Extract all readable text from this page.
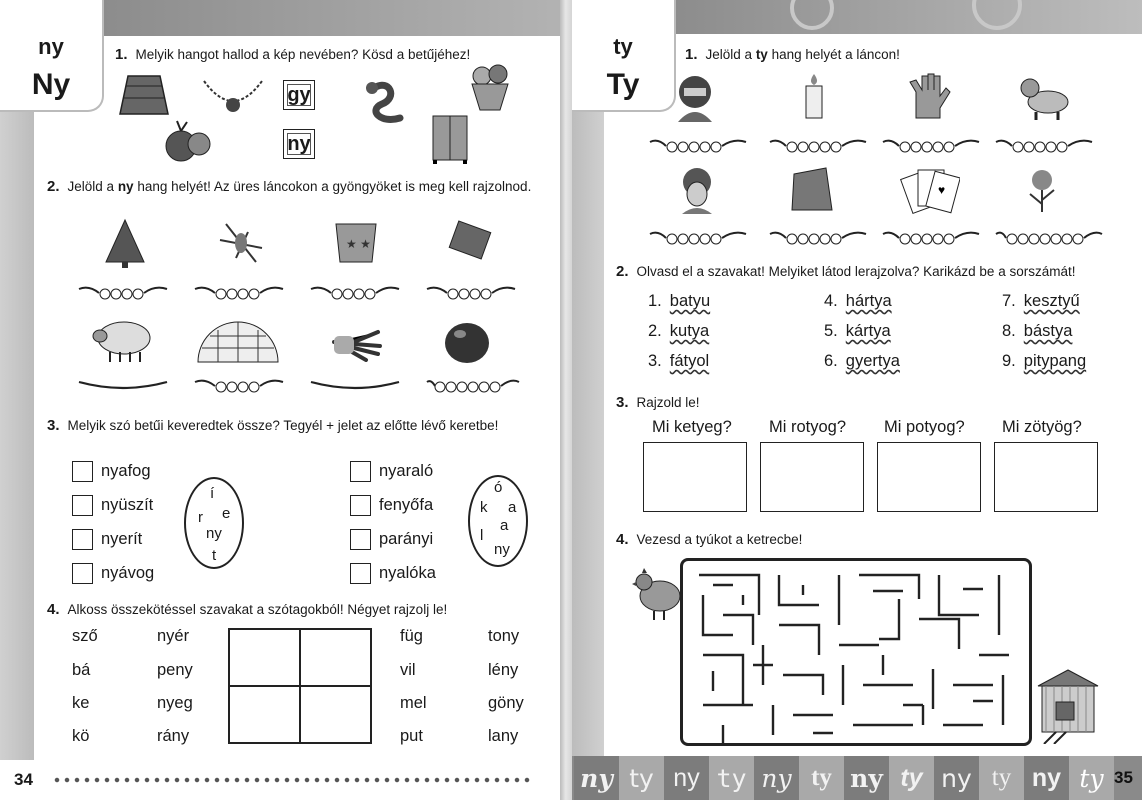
ny
Ny
1. Melyik hangot hallod a kép nevében? Kösd a betűjéhez!
gy
ny
2. Jelöld a ny hang helyét! Az üres láncokon a gyöngyöket is meg kell rajzolnod.
★ ★
3. Melyik szó betűi keveredtek össze? Tegyél + jelet az előtte lévő keretbe!
nyafog
nyüszít
nyerít
nyávog
í
r e
ny
t
nyaraló
fenyőfa
parányi
nyalóka
ó
k a
a
l
ny
4. Alkoss összekötéssel szavakat a szótagokból! Négyet rajzolj le!
sző
bá
ke
kö
nyér
peny
nyeg
rány
füg
vil
mel
put
tony
lény
göny
lany
34
ty
Ty
1. Jelöld a ty hang helyét a láncon!
♥
2. Olvasd el a szavakat! Melyiket látod lerajzolva? Karikázd be a sorszámát!
1. batyu
2. kutya
3. fátyol
4. hártya
5. kártya
6. gyertya
7. kesztyű
8. bástya
9. pitypang
3. Rajzold le!
Mi ketyeg? Mi rotyog? Mi potyog? Mi zötyög?
4. Vezesd a tyúkot a ketrecbe!
ny ty ny ty ny ty ny ty ny ty ny ty 35
